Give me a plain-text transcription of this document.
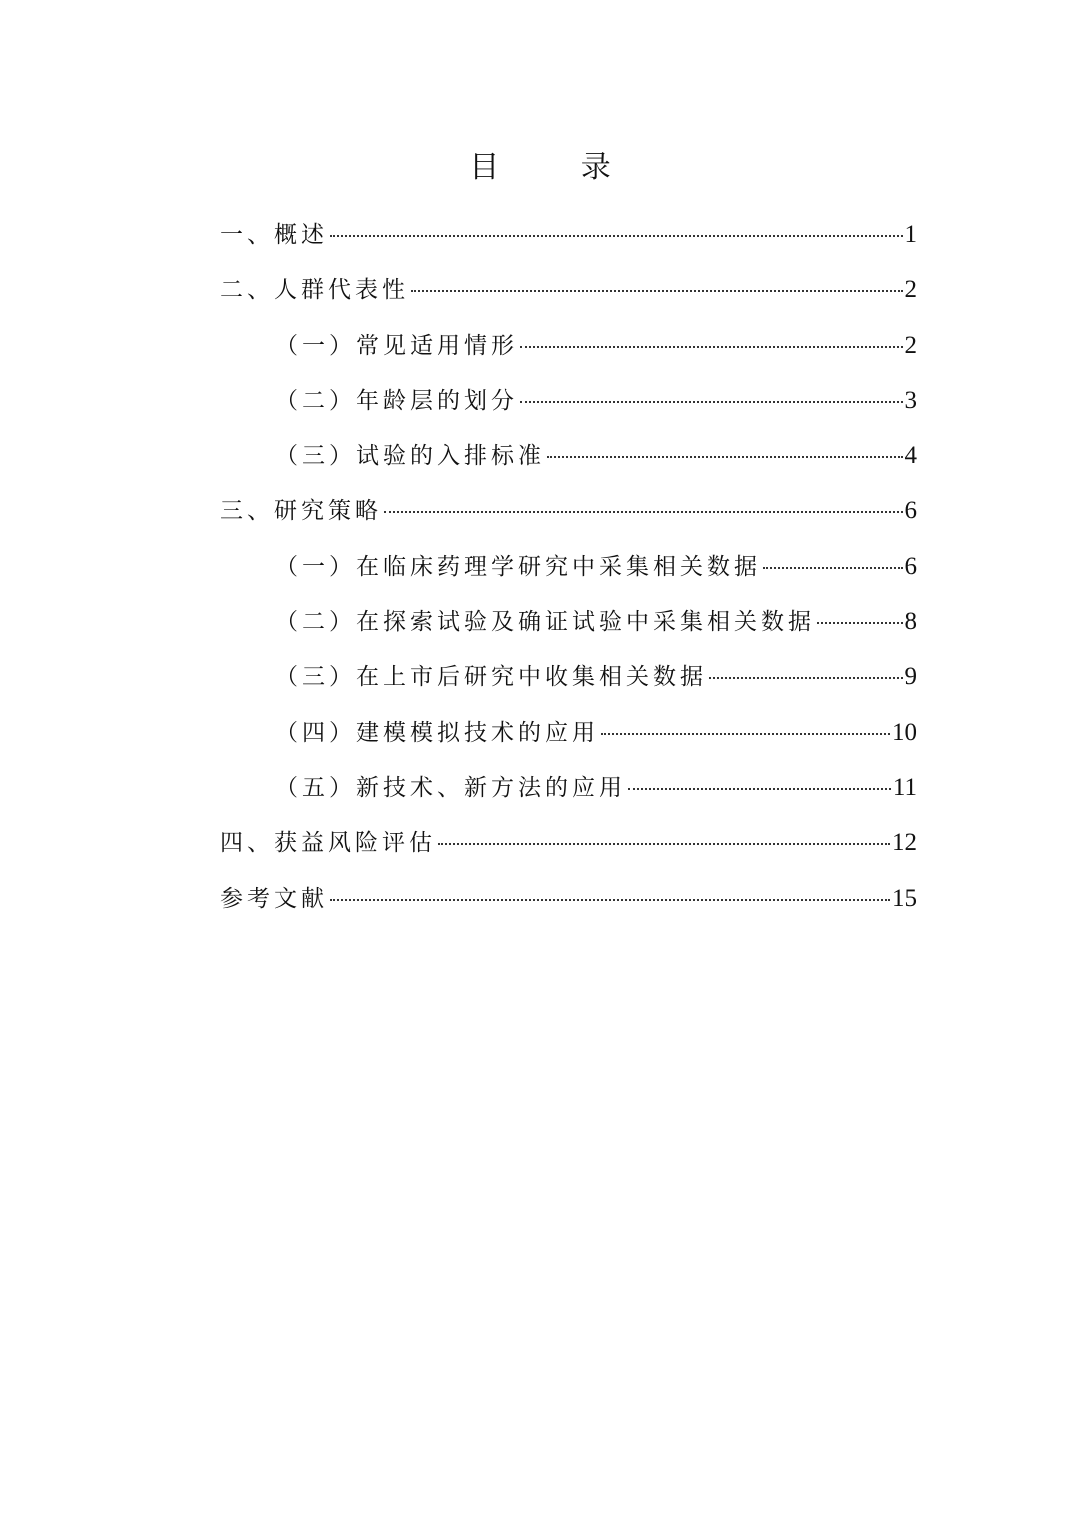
目 录
一、概述	1
二、人群代表性	2
（一）常见适用情形	2
（二）年龄层的划分	3
（三）试验的入排标准	4
三、研究策略	6
（一）在临床药理学研究中采集相关数据	6
（二）在探索试验及确证试验中采集相关数据	8
（三）在上市后研究中收集相关数据	9
（四）建模模拟技术的应用	10
（五）新技术、新方法的应用	11
四、获益风险评估	12
参考文献	15
